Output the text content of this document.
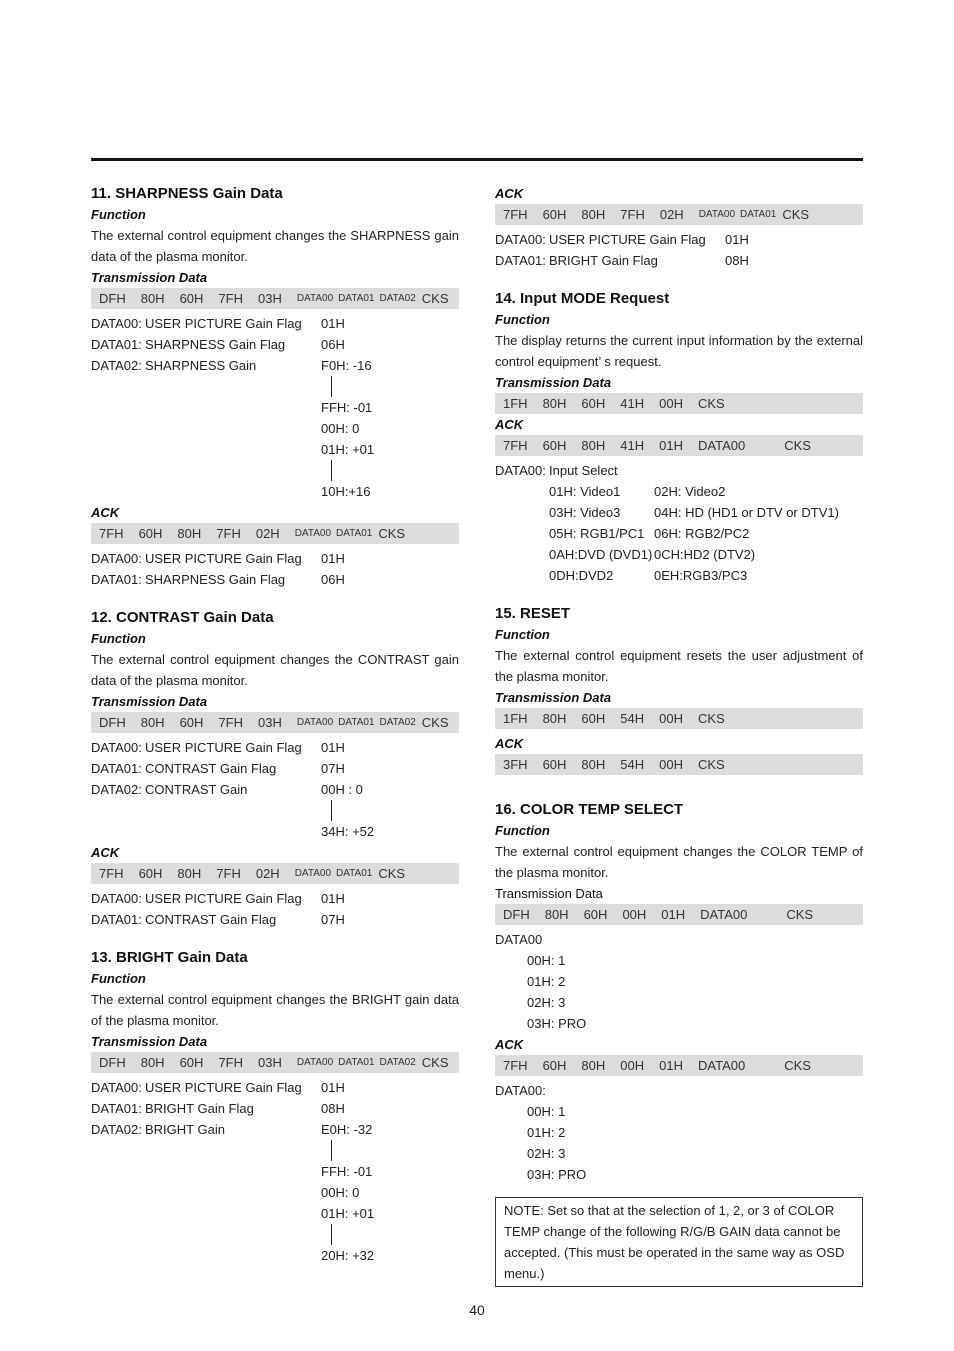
11. SHARPNESS Gain Data
Function
The external control equipment changes the SHARPNESS gain data of the plasma monitor.
Transmission Data
DFH 80H 60H 7FH 03H DATA00 DATA01 DATA02 CKS
DATA00: USER PICTURE Gain Flag	01H
DATA01: SHARPNESS Gain Flag	06H
DATA02: SHARPNESS Gain	F0H: -16
FFH: -01
00H: 0
01H: +01
10H:+16
ACK
7FH 60H 80H 7FH 02H DATA00 DATA01 CKS
DATA00: USER PICTURE Gain Flag	01H
DATA01: SHARPNESS Gain Flag	06H
12. CONTRAST Gain Data
Function
The external control equipment changes the CONTRAST gain data of the plasma monitor.
Transmission Data
DFH 80H 60H 7FH 03H DATA00 DATA01 DATA02 CKS
DATA00: USER PICTURE Gain Flag	01H
DATA01: CONTRAST Gain Flag	07H
DATA02: CONTRAST Gain	00H : 0
34H: +52
ACK
7FH 60H 80H 7FH 02H DATA00 DATA01 CKS
DATA00: USER PICTURE Gain Flag	01H
DATA01: CONTRAST Gain Flag	07H
13. BRIGHT Gain Data
Function
The external control equipment changes the BRIGHT gain data of the plasma monitor.
Transmission Data
DFH 80H 60H 7FH 03H DATA00 DATA01 DATA02 CKS
DATA00: USER PICTURE Gain Flag	01H
DATA01: BRIGHT Gain Flag	08H
DATA02: BRIGHT Gain	E0H: -32
FFH: -01
00H: 0
01H: +01
20H: +32
ACK
7FH 60H 80H 7FH 02H DATA00 DATA01 CKS
DATA00: USER PICTURE Gain Flag	01H
DATA01: BRIGHT Gain Flag	08H
14. Input MODE Request
Function
The display returns the current input information by the external control equipment’ s request.
Transmission Data
1FH 80H 60H 41H 00H CKS
ACK
7FH 60H 80H 41H 01H DATA00	CKS
DATA00: Input Select
01H: Video1	02H: Video2
03H: Video3	04H: HD (HD1 or DTV or DTV1)
05H: RGB1/PC1 06H: RGB2/PC2
0AH:DVD (DVD1) 0CH:HD2 (DTV2)
0DH:DVD2	0EH:RGB3/PC3
15. RESET
Function
The external control equipment resets the user adjustment of the plasma monitor.
Transmission Data
1FH 80H 60H 54H 00H CKS
ACK
3FH 60H 80H 54H 00H CKS
16. COLOR TEMP SELECT
Function
The external control equipment changes the COLOR TEMP of the plasma monitor.
Transmission Data
DFH 80H 60H 00H 01H DATA00	CKS
DATA00
00H: 1
01H: 2
02H: 3
03H: PRO
ACK
7FH 60H 80H 00H 01H DATA00	CKS
DATA00:
00H: 1
01H: 2
02H: 3
03H: PRO
NOTE: Set so that at the selection of 1, 2, or 3 of COLOR TEMP change of the following R/G/B GAIN data cannot be accepted. (This must be operated in the same way as OSD menu.)
40
